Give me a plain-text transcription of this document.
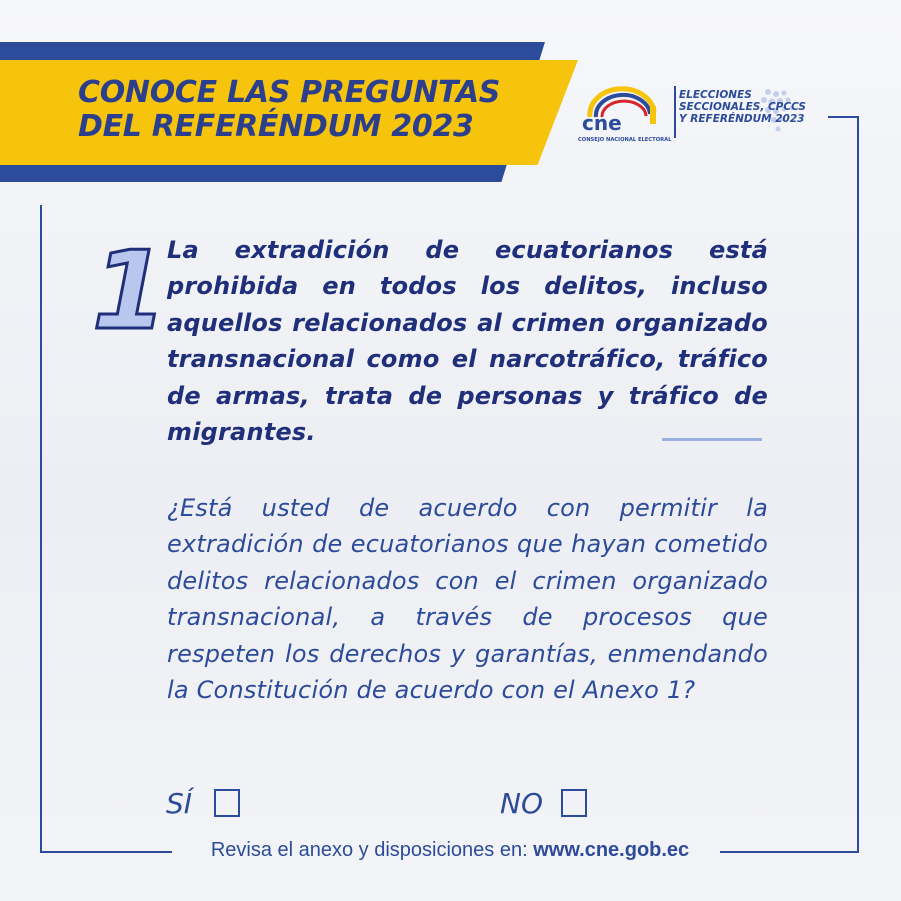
CONOCE LAS PREGUNTAS
DEL REFERÉNDUM 2023	cne
CONSEJO NACIONAL ELECTORAL
ELECCIONES
SECCIONALES, CPCCS
Y REFERÉNDUM 2023
1 La extradición de ecuatorianos está prohibida en todos los delitos, incluso aquellos relacionados al crimen organizado transnacional como el narcotráfico, tráfico de armas, trata de personas y tráfico de migrantes.
¿Está usted de acuerdo con permitir la extradición de ecuatorianos que hayan cometido delitos relacionados con el crimen organizado transnacional, a través de procesos que respeten los derechos y garantías, enmendando la Constitución de acuerdo con el Anexo 1?
SÍ	NO
Revisa el anexo y disposiciones en: www.cne.gob.ec
